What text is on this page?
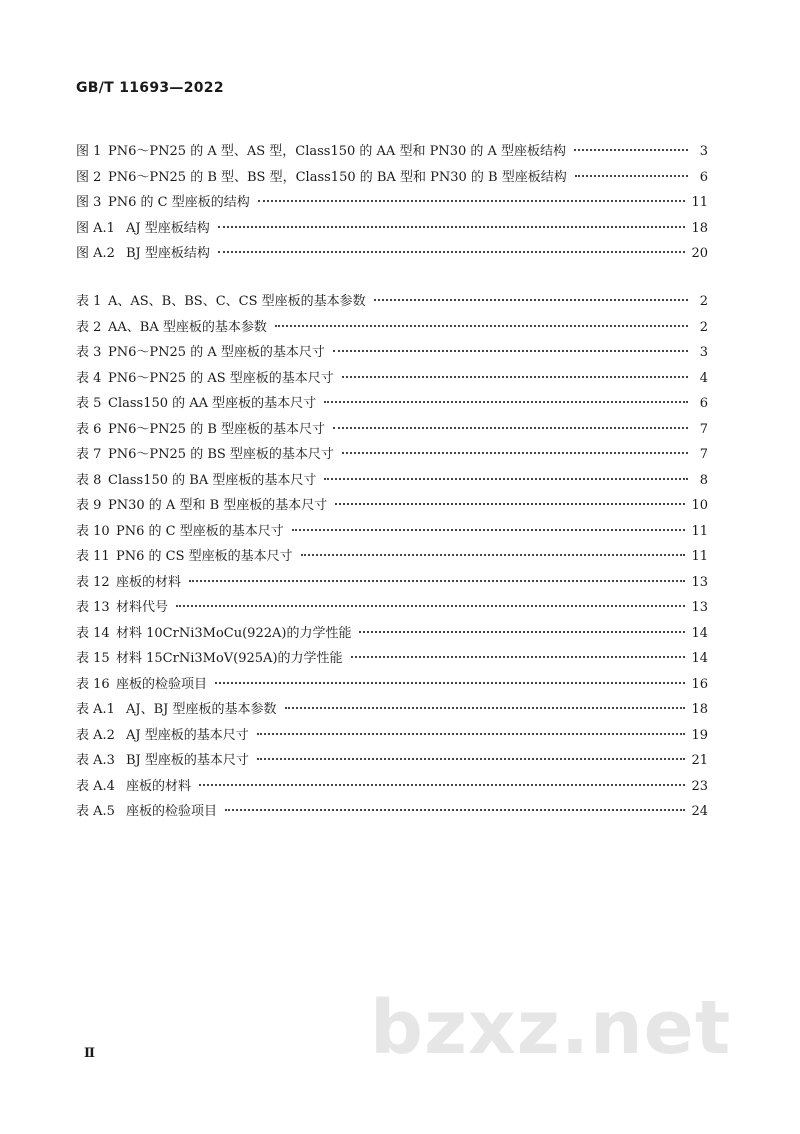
GB/T 11693—2022
图 1 PN6～PN25 的 A 型、AS 型，Class150 的 AA 型和 PN30 的 A 型座板结构	3
图 2 PN6～PN25 的 B 型、BS 型，Class150 的 BA 型和 PN30 的 B 型座板结构	6
图 3 PN6 的 C 型座板的结构	11
图 A.1 AJ 型座板结构	18
图 A.2 BJ 型座板结构	20
表 1 A、AS、B、BS、C、CS 型座板的基本参数	2
表 2 AA、BA 型座板的基本参数	2
表 3 PN6～PN25 的 A 型座板的基本尺寸	3
表 4 PN6～PN25 的 AS 型座板的基本尺寸	4
表 5 Class150 的 AA 型座板的基本尺寸	6
表 6 PN6～PN25 的 B 型座板的基本尺寸	7
表 7 PN6～PN25 的 BS 型座板的基本尺寸	7
表 8 Class150 的 BA 型座板的基本尺寸	8
表 9 PN30 的 A 型和 B 型座板的基本尺寸	10
表 10 PN6 的 C 型座板的基本尺寸	11
表 11 PN6 的 CS 型座板的基本尺寸	11
表 12 座板的材料	13
表 13 材料代号	13
表 14 材料 10CrNi3MoCu(922A)的力学性能	14
表 15 材料 15CrNi3MoV(925A)的力学性能	14
表 16 座板的检验项目	16
表 A.1 AJ、BJ 型座板的基本参数	18
表 A.2 AJ 型座板的基本尺寸	19
表 A.3 BJ 型座板的基本尺寸	21
表 A.4 座板的材料	23
表 A.5 座板的检验项目	24
bzxz.net
Ⅱ
